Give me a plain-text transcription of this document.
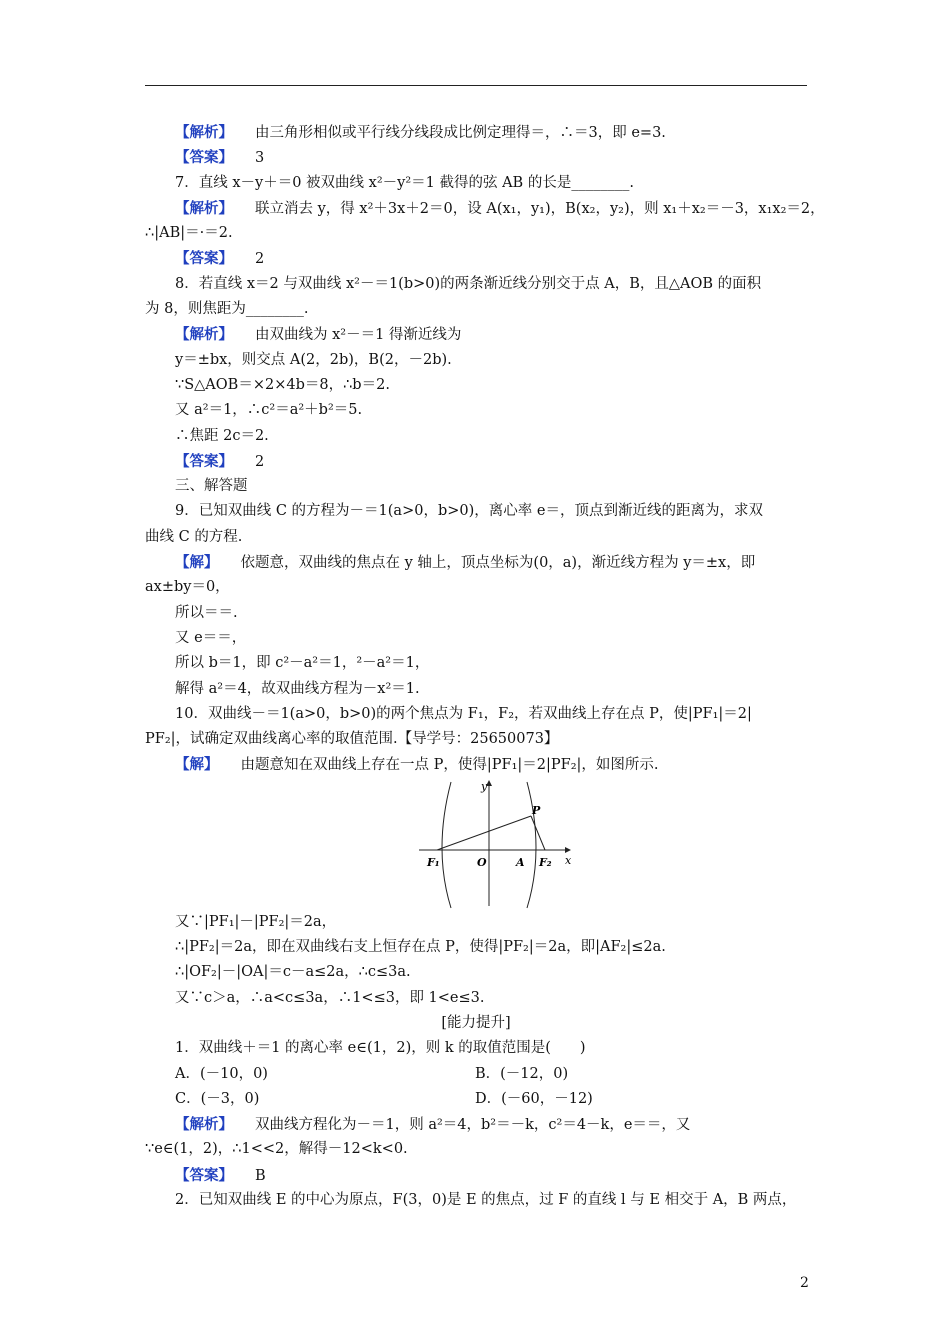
【解析】 由三角形相似或平行线分线段成比例定理得＝，∴＝3，即 e=3.
【答案】 3
7．直线 x－y＋＝0 被双曲线 x²－y²＝1 截得的弦 AB 的长是________.
【解析】 联立消去 y，得 x²＋3x＋2＝0，设 A(x₁，y₁)，B(x₂，y₂)，则 x₁＋x₂＝－3，x₁x₂＝2，
∴|AB|＝·＝2.
【答案】 2
8．若直线 x＝2 与双曲线 x²－＝1(b>0)的两条渐近线分别交于点 A，B，且△AOB 的面积
为 8，则焦距为________.
【解析】 由双曲线为 x²－＝1 得渐近线为
y＝±bx，则交点 A(2，2b)，B(2，－2b).
∵S△AOB＝×2×4b＝8，∴b＝2.
又 a²＝1，∴c²＝a²＋b²＝5.
∴焦距 2c＝2.
【答案】 2
三、解答题
9．已知双曲线 C 的方程为－＝1(a>0，b>0)，离心率 e＝，顶点到渐近线的距离为，求双
曲线 C 的方程.
【解】 依题意，双曲线的焦点在 y 轴上，顶点坐标为(0，a)，渐近线方程为 y＝±x，即
ax±by＝0，
所以＝＝.
又 e＝＝，
所以 b＝1，即 c²－a²＝1，²－a²＝1，
解得 a²＝4，故双曲线方程为－x²＝1.
10．双曲线－＝1(a>0，b>0)的两个焦点为 F₁，F₂，若双曲线上存在点 P，使|PF₁|＝2|
PF₂|，试确定双曲线离心率的取值范围.【导学号：25650073】
【解】 由题意知在双曲线上存在一点 P，使得|PF₁|＝2|PF₂|，如图所示.
y
x
P
F₁	O	A F₂
又∵|PF₁|－|PF₂|＝2a，
∴|PF₂|＝2a，即在双曲线右支上恒存在点 P，使得|PF₂|＝2a，即|AF₂|≤2a.
∴|OF₂|－|OA|＝c－a≤2a，∴c≤3a.
又∵c＞a，∴a<c≤3a，∴1<≤3，即 1<e≤3.
[能力提升]
1．双曲线＋＝1 的离心率 e∈(1，2)，则 k 的取值范围是(　　)
A．(－10，0)	B．(－12，0)
C．(－3，0)	D．(－60，－12)
【解析】 双曲线方程化为－＝1，则 a²＝4，b²＝－k，c²＝4－k，e＝＝，又
∵e∈(1，2)，∴1<<2，解得－12<k<0.
【答案】 B
2．已知双曲线 E 的中心为原点，F(3，0)是 E 的焦点，过 F 的直线 l 与 E 相交于 A，B 两点，
2
